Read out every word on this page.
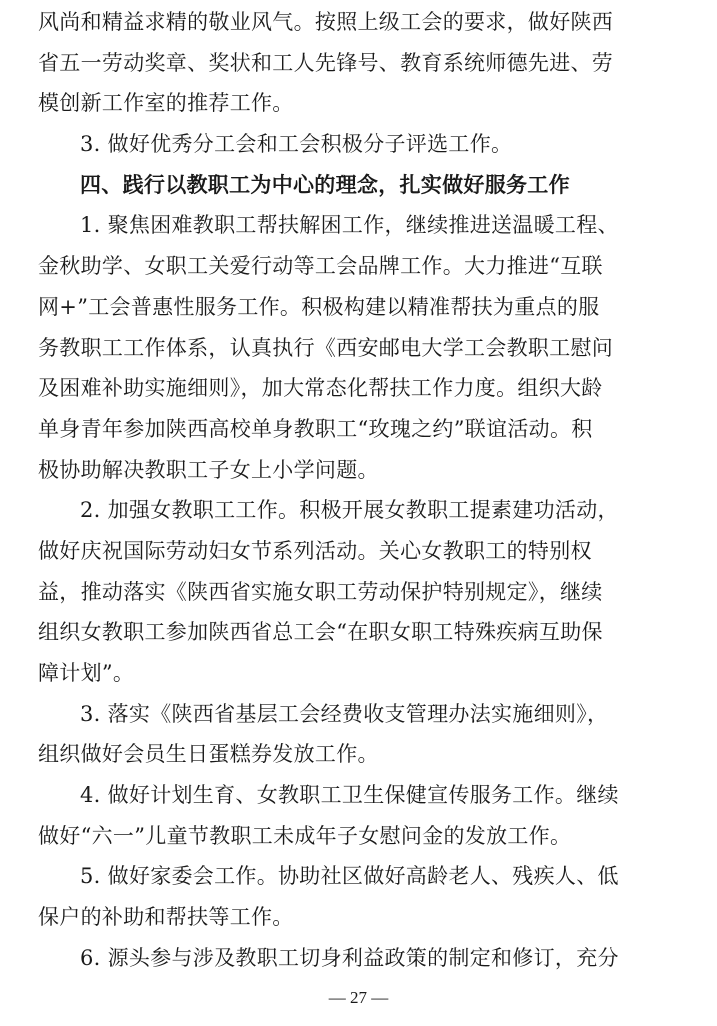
风尚和精益求精的敬业风气。按照上级工会的要求，做好陕西
省五一劳动奖章、奖状和工人先锋号、教育系统师德先进、劳
模创新工作室的推荐工作。
3. 做好优秀分工会和工会积极分子评选工作。
四、践行以教职工为中心的理念，扎实做好服务工作
1. 聚焦困难教职工帮扶解困工作，继续推进送温暖工程、
金秋助学、女职工关爱行动等工会品牌工作。大力推进“互联
网+”工会普惠性服务工作。积极构建以精准帮扶为重点的服
务教职工工作体系，认真执行《西安邮电大学工会教职工慰问
及困难补助实施细则》，加大常态化帮扶工作力度。组织大龄
单身青年参加陕西高校单身教职工“玫瑰之约”联谊活动。积
极协助解决教职工子女上小学问题。
2. 加强女教职工工作。积极开展女教职工提素建功活动，
做好庆祝国际劳动妇女节系列活动。关心女教职工的特别权
益，推动落实《陕西省实施女职工劳动保护特别规定》，继续
组织女教职工参加陕西省总工会“在职女职工特殊疾病互助保
障计划”。
3. 落实《陕西省基层工会经费收支管理办法实施细则》，
组织做好会员生日蛋糕券发放工作。
4. 做好计划生育、女教职工卫生保健宣传服务工作。继续
做好“六一”儿童节教职工未成年子女慰问金的发放工作。
5. 做好家委会工作。协助社区做好高龄老人、残疾人、低
保户的补助和帮扶等工作。
6. 源头参与涉及教职工切身利益政策的制定和修订，充分
— 27 —
